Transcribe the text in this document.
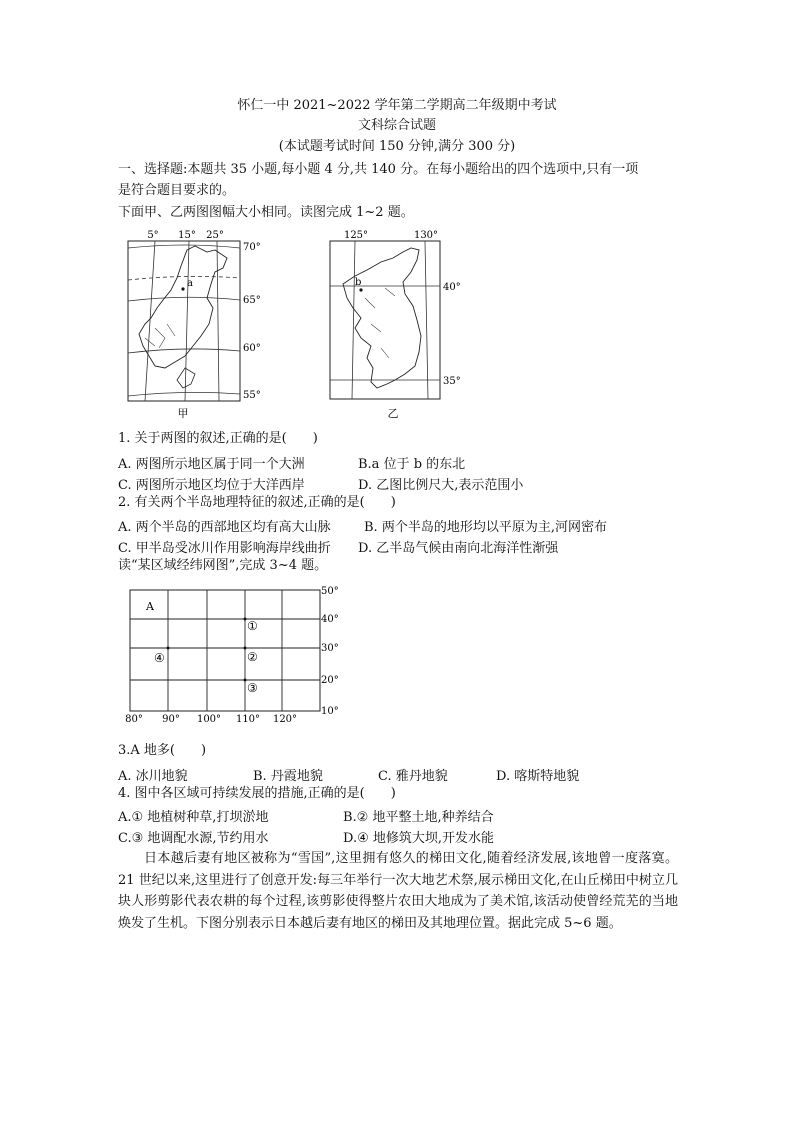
怀仁一中 2021~2022 学年第二学期高二年级期中考试
文科综合试题
(本试题考试时间 150 分钟,满分 300 分)
一、选择题:本题共 35 小题,每小题 4 分,共 140 分。在每小题给出的四个选项中,只有一项
是符合题目要求的。
下面甲、乙两图图幅大小相同。读图完成 1~2 题。
5° 15° 25°
a
70°
65°
60°
55°
甲
125°	130°
b	40°
35°
乙
1. 关于两图的叙述,正确的是(　　)
A. 两图所示地区属于同一个大洲	B.a 位于 b 的东北
C. 两图所示地区均位于大洋西岸	D. 乙图比例尺大,表示范围小
2. 有关两个半岛地理特征的叙述,正确的是(　　)
A. 两个半岛的西部地区均有高大山脉	B. 两个半岛的地形均以平原为主,河网密布
C. 甲半岛受冰川作用影响海岸线曲折 D. 乙半岛气候由南向北海洋性渐强
读“某区域经纬网图”,完成 3~4 题。
A
①
②
③
④
50°
40°
30°
20°
10°
80° 90° 100° 110° 120°
3.A 地多(　　)
A. 冰川地貌	B. 丹霞地貌	C. 雅丹地貌	D. 喀斯特地貌
4. 图中各区域可持续发展的措施,正确的是(　　)
A.① 地植树种草,打坝淤地	B.② 地平整土地,种养结合
C.③ 地调配水源,节约用水	D.④ 地修筑大坝,开发水能
日本越后妻有地区被称为“雪国”,这里拥有悠久的梯田文化,随着经济发展,该地曾一度落寞。21 世纪以来,这里进行了创意开发:每三年举行一次大地艺术祭,展示梯田文化,在山丘梯田中树立几块人形剪影代表农耕的每个过程,该剪影使得整片农田大地成为了美术馆,该活动使曾经荒芜的当地焕发了生机。下图分别表示日本越后妻有地区的梯田及其地理位置。据此完成 5~6 题。
